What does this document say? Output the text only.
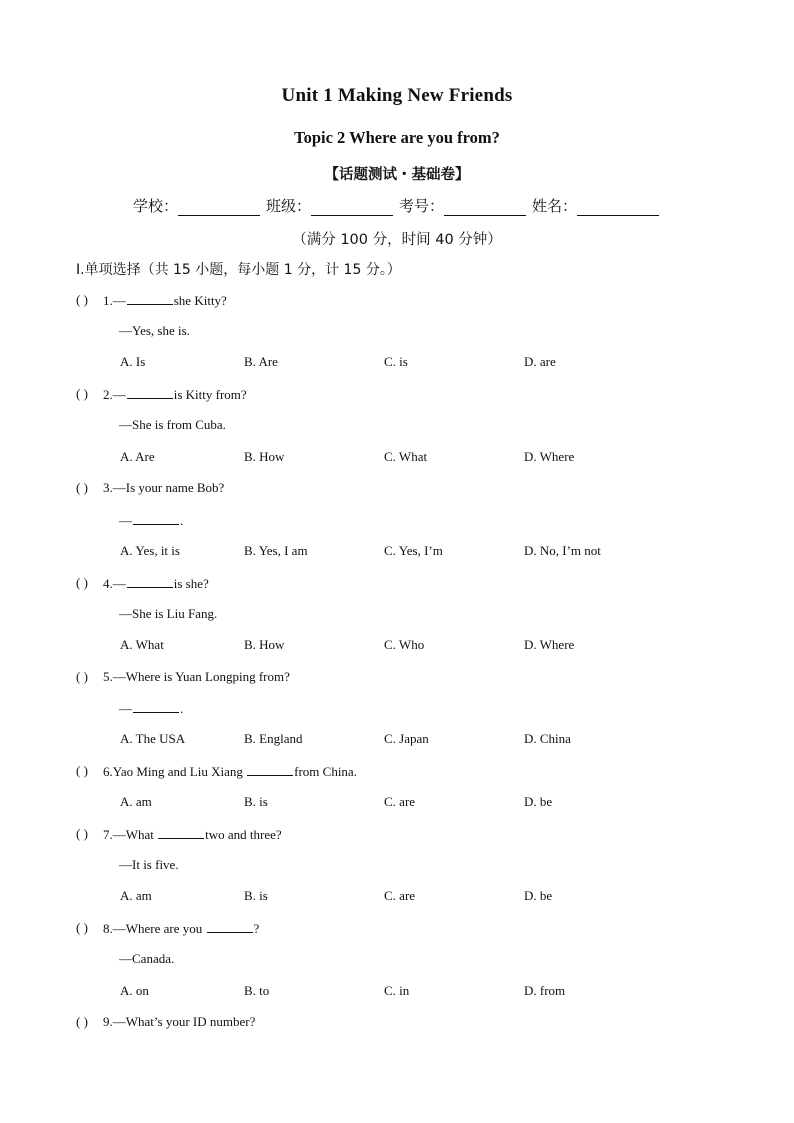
Unit 1 Making New Friends
Topic 2 Where are you from?
【话题测试・基础卷】
学校：	班级：	考号：	姓名：
（满分 100 分，时间 40 分钟）
I.单项选择（共 15 小题，每小题 1 分，计 15 分。）
( ) 1.—	she Kitty?
—Yes, she is.
A. Is	B. Are	C. is	D. are
( ) 2.—	is Kitty from?
—She is from Cuba.
A. Are	B. How	C. What	D. Where
( ) 3.—Is your name Bob?
—	.
A. Yes, it is	B. Yes, I am	C. Yes, I’m	D. No, I’m not
( ) 4.—	is she?
—She is Liu Fang.
A. What	B. How	C. Who	D. Where
( ) 5.—Where is Yuan Longping from?
—	.
A. The USA	B. England	C. Japan	D. China
( ) 6.Yao Ming and Liu Xiang	from China.
A. am	B. is	C. are	D. be
( ) 7.—What	two and three?
—It is five.
A. am	B. is	C. are	D. be
( ) 8.—Where are you	?
—Canada.
A. on	B. to	C. in	D. from
( ) 9.—What’s your ID number?
